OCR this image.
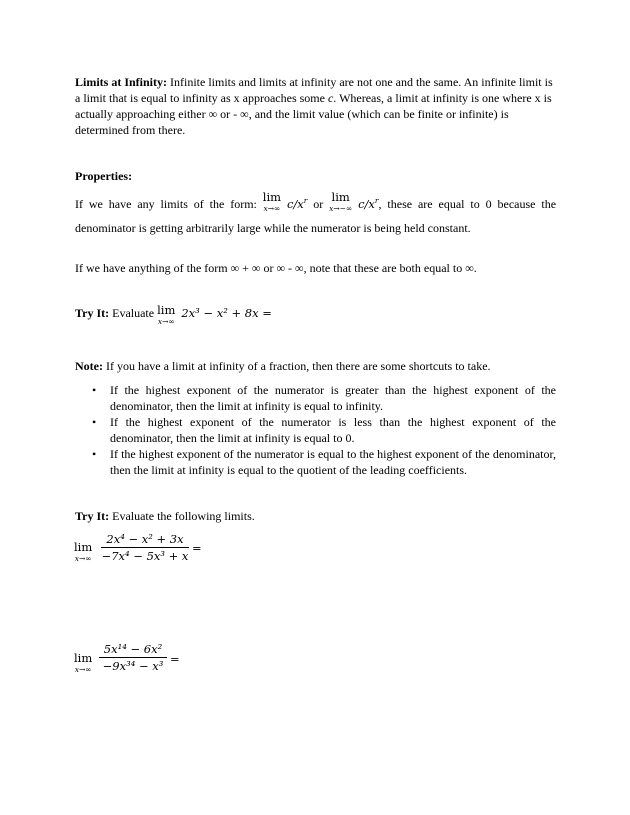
Limits at Infinity: Infinite limits and limits at infinity are not one and the same. An infinite limit is a limit that is equal to infinity as x approaches some c. Whereas, a limit at infinity is one where x is actually approaching either ∞ or - ∞, and the limit value (which can be finite or infinite) is determined from there.

Properties:

If we have any limits of the form: lim
x→∞ $c/x^r$ or lim
x→−∞ $c/x^r$, these are equal to 0 because the denominator is getting arbitrarily large while the numerator is being held constant.

If we have anything of the form ∞ + ∞ or ∞ - ∞, note that these are both equal to ∞.

Try It: Evaluate lim
x→∞
2x³ − x² + 8x =

Note: If you have a limit at infinity of a fraction, then there are some shortcuts to take.

• If the highest exponent of the numerator is greater than the highest exponent of the denominator, then the limit at infinity is equal to infinity.
• If the highest exponent of the numerator is less than the highest exponent of the denominator, then the limit at infinity is equal to 0.
• If the highest exponent of the numerator is equal to the highest exponent of the denominator, then the limit at infinity is equal to the quotient of the leading coefficients.

Try It: Evaluate the following limits.

lim
x→∞
2x⁴ − x² + 3x
−7x⁴ − 5x³ + x
=
lim
x→∞
5x¹⁴ − 6x²
−9x³⁴ − x³ =
